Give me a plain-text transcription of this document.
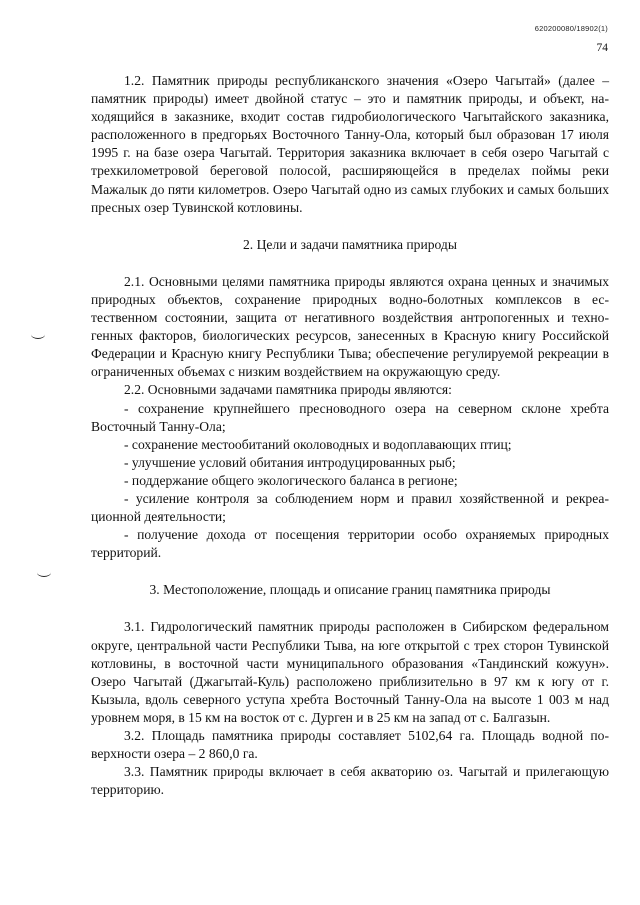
620200080/18902(1)
74

1.2. Памятник природы республиканского значения «Озеро Чагытай» (далее – памятник природы) имеет двойной статус – это и памятник природы, и объект, находящийся в заказнике, входит состав гидробиологического Чагытайского заказника, расположенного в предгорьях Восточного Танну-Ола, который был образован 17 июля 1995 г. на базе озера Чагытай. Территория заказника включает в себя озеро Чагытай с трехкилометровой береговой полосой, расширяющейся в пределах поймы реки Мажалык до пяти километров. Озеро Чагытай одно из самых глубоких и самых больших пресных озер Тувинской котловины.

2. Цели и задачи памятника природы

2.1. Основными целями памятника природы являются охрана ценных и значимых природных объектов, сохранение природных водно-болотных комплексов в естественном состоянии, защита от негативного воздействия антропогенных и техногенных факторов, биологических ресурсов, занесенных в Красную книгу Российской Федерации и Красную книгу Республики Тыва; обеспечение регулируемой рекреации в ограниченных объемах с низким воздействием на окружающую среду.

2.2. Основными задачами памятника природы являются:

- сохранение крупнейшего пресноводного озера на северном склоне хребта Восточный Танну-Ола;

- сохранение местообитаний околоводных и водоплавающих птиц;

- улучшение условий обитания интродуцированных рыб;

- поддержание общего экологического баланса в регионе;

- усиление контроля за соблюдением норм и правил хозяйственной и рекреационной деятельности;

- получение дохода от посещения территории особо охраняемых природных территорий.

3. Местоположение, площадь и описание границ памятника природы

3.1. Гидрологический памятник природы расположен в Сибирском федеральном округе, центральной части Республики Тыва, на юге открытой с трех сторон Тувинской котловины, в восточной части муниципального образования «Тандинский кожуун». Озеро Чагытай (Джагытай-Куль) расположено приблизительно в 97 км к югу от г. Кызыла, вдоль северного уступа хребта Восточный Танну-Ола на высоте 1 003 м над уровнем моря, в 15 км на восток от с. Дурген и в 25 км на запад от с. Балгазын.

3.2. Площадь памятника природы составляет 5102,64 га. Площадь водной поверхности озера – 2 860,0 га.

3.3. Памятник природы включает в себя акваторию оз. Чагытай и прилегающую территорию.
